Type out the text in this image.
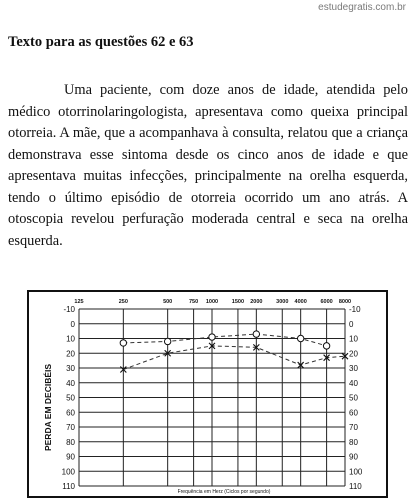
estudegratis.com.br
Texto para as questões 62 e 63

Uma paciente, com doze anos de idade, atendida pelo médico otorrinolaringologista, apresentava como queixa principal otorreia. A mãe, que a acompanhava à consulta, relatou que a criança demonstrava esse sintoma desde os cinco anos de idade e que apresentava muitas infecções, principalmente na orelha esquerda, tendo o último episódio de otorreia ocorrido um ano atrás. A otoscopia revelou perfuração moderada central e seca na orelha esquerda.

-10	-10
0	0
10	10
20	20
30	30
40	40
50	50
60	60
70	70
80	80
90	90
100	100
110	110
125	250	500	750 1000 1500 2000 3000 4000 6000 8000
PERDA EM DECIBÉIS
Frequência em Herz (Ciclos por segundo)
